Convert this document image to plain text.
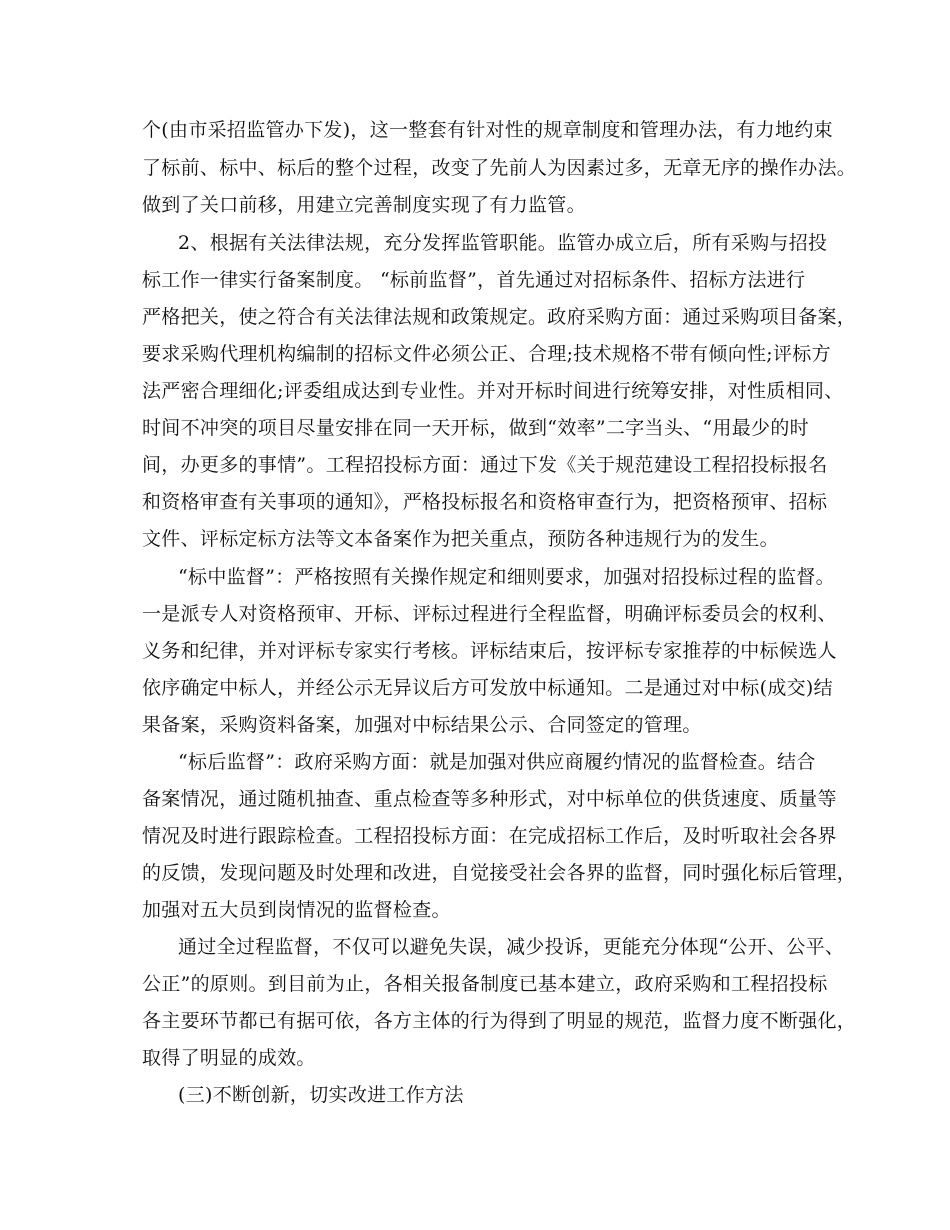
个(由市采招监管办下发)，这一整套有针对性的规章制度和管理办法，有力地约束
了标前、标中、标后的整个过程，改变了先前人为因素过多，无章无序的操作办法。
做到了关口前移，用建立完善制度实现了有力监管。
2、根据有关法律法规，充分发挥监管职能。监管办成立后，所有采购与招投
标工作一律实行备案制度。 “标前监督”，首先通过对招标条件、招标方法进行
严格把关，使之符合有关法律法规和政策规定。政府采购方面：通过采购项目备案，
要求采购代理机构编制的招标文件必须公正、合理;技术规格不带有倾向性;评标方
法严密合理细化;评委组成达到专业性。并对开标时间进行统筹安排，对性质相同、
时间不冲突的项目尽量安排在同一天开标，做到“效率”二字当头、“用最少的时
间，办更多的事情”。工程招投标方面：通过下发《关于规范建设工程招投标报名
和资格审查有关事项的通知》，严格投标报名和资格审查行为，把资格预审、招标
文件、评标定标方法等文本备案作为把关重点，预防各种违规行为的发生。
“标中监督”：严格按照有关操作规定和细则要求，加强对招投标过程的监督。
一是派专人对资格预审、开标、评标过程进行全程监督，明确评标委员会的权利、
义务和纪律，并对评标专家实行考核。评标结束后，按评标专家推荐的中标候选人
依序确定中标人，并经公示无异议后方可发放中标通知。二是通过对中标(成交)结
果备案，采购资料备案，加强对中标结果公示、合同签定的管理。
“标后监督”：政府采购方面：就是加强对供应商履约情况的监督检查。结合
备案情况，通过随机抽查、重点检查等多种形式，对中标单位的供货速度、质量等
情况及时进行跟踪检查。工程招投标方面：在完成招标工作后，及时听取社会各界
的反馈，发现问题及时处理和改进，自觉接受社会各界的监督，同时强化标后管理，
加强对五大员到岗情况的监督检查。
通过全过程监督，不仅可以避免失误，减少投诉，更能充分体现“公开、公平、
公正”的原则。到目前为止，各相关报备制度已基本建立，政府采购和工程招投标
各主要环节都已有据可依，各方主体的行为得到了明显的规范，监督力度不断强化，
取得了明显的成效。
(三)不断创新，切实改进工作方法
